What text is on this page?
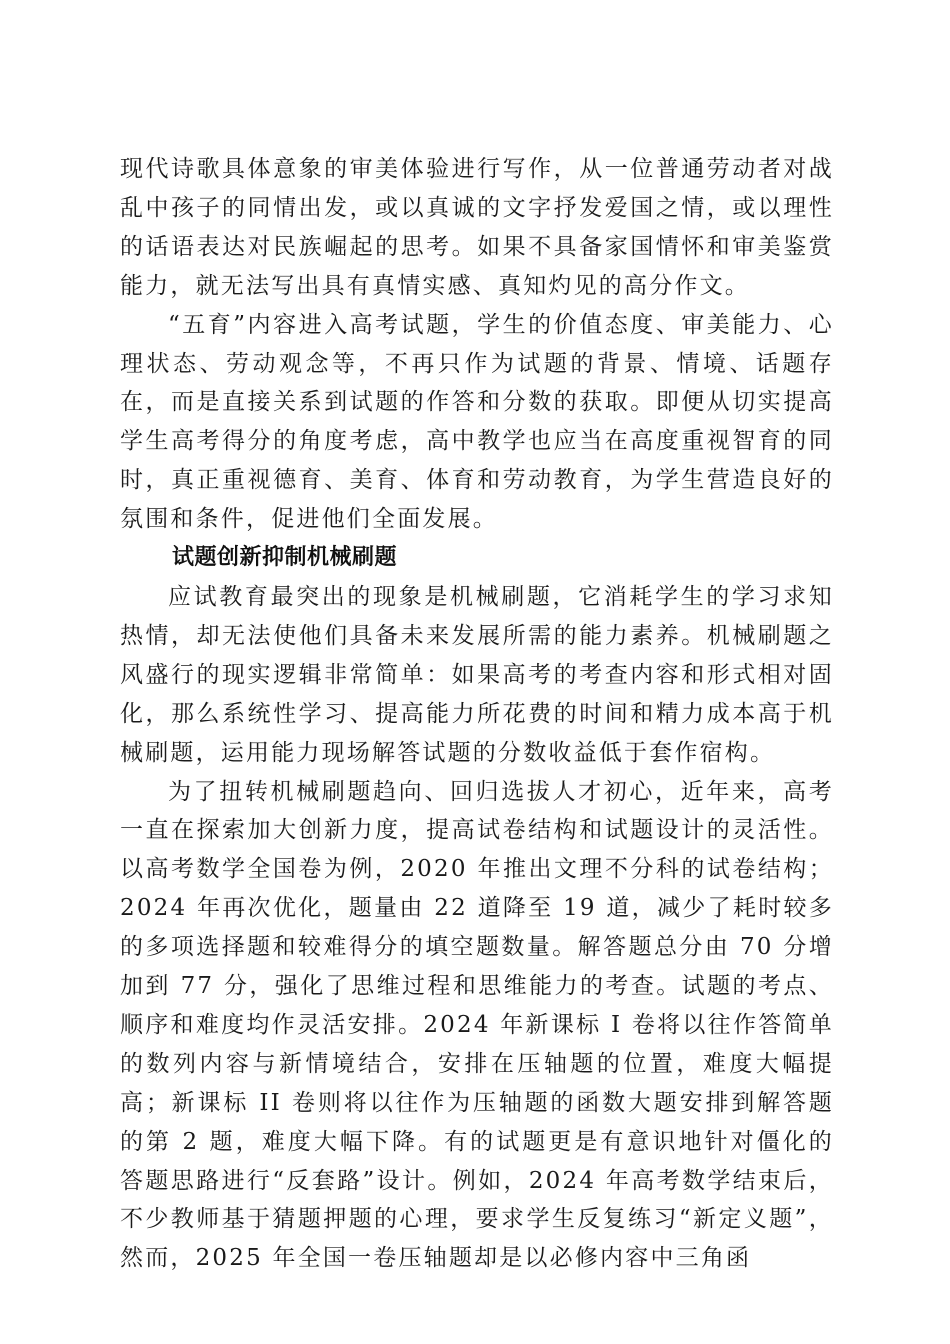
现代诗歌具体意象的审美体验进行写作，从一位普通劳动者对战乱中孩子的同情出发，或以真诚的文字抒发爱国之情，或以理性的话语表达对民族崛起的思考。如果不具备家国情怀和审美鉴赏能力，就无法写出具有真情实感、真知灼见的高分作文。

“五育”内容进入高考试题，学生的价值态度、审美能力、心理状态、劳动观念等，不再只作为试题的背景、情境、话题存在，而是直接关系到试题的作答和分数的获取。即便从切实提高学生高考得分的角度考虑，高中教学也应当在高度重视智育的同时，真正重视德育、美育、体育和劳动教育，为学生营造良好的氛围和条件，促进他们全面发展。

试题创新抑制机械刷题

应试教育最突出的现象是机械刷题，它消耗学生的学习求知热情，却无法使他们具备未来发展所需的能力素养。机械刷题之风盛行的现实逻辑非常简单：如果高考的考查内容和形式相对固化，那么系统性学习、提高能力所花费的时间和精力成本高于机械刷题，运用能力现场解答试题的分数收益低于套作宿构。

为了扭转机械刷题趋向、回归选拔人才初心，近年来，高考一直在探索加大创新力度，提高试卷结构和试题设计的灵活性。以高考数学全国卷为例，2020 年推出文理不分科的试卷结构；2024 年再次优化，题量由 22 道降至 19 道，减少了耗时较多的多项选择题和较难得分的填空题数量。解答题总分由 70 分增加到 77 分，强化了思维过程和思维能力的考查。试题的考点、顺序和难度均作灵活安排。2024 年新课标 I 卷将以往作答简单的数列内容与新情境结合，安排在压轴题的位置，难度大幅提高；新课标 II 卷则将以往作为压轴题的函数大题安排到解答题的第 2 题，难度大幅下降。有的试题更是有意识地针对僵化的答题思路进行“反套路”设计。例如，2024 年高考数学结束后，不少教师基于猜题押题的心理，要求学生反复练习“新定义题”，然而，2025 年全国一卷压轴题却是以必修内容中三角函
